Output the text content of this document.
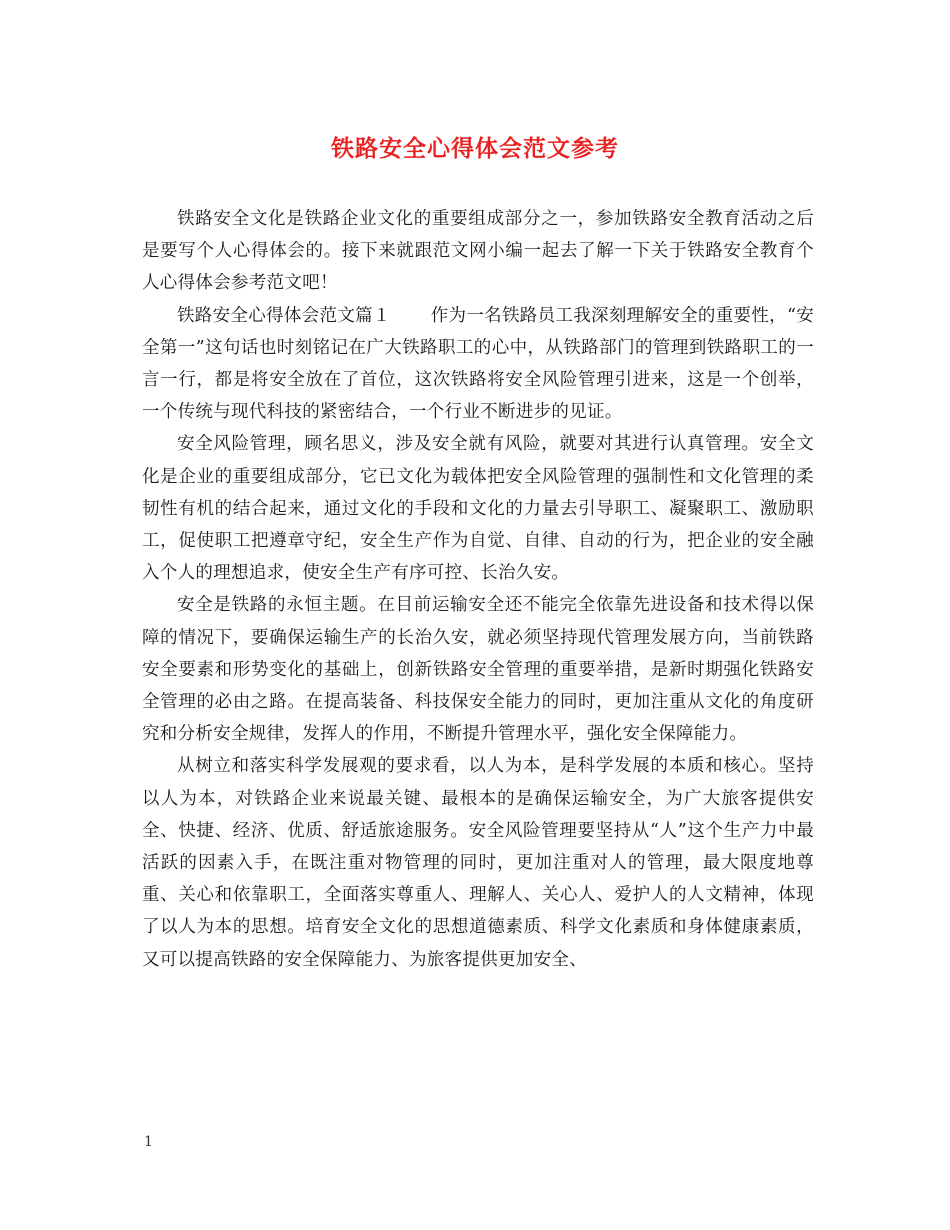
铁路安全心得体会范文参考

铁路安全文化是铁路企业文化的重要组成部分之一，参加铁路安全教育活动之后是要写个人心得体会的。接下来就跟范文网小编一起去了解一下关于铁路安全教育个人心得体会参考范文吧！

铁路安全心得体会范文篇１ 作为一名铁路员工我深刻理解安全的重要性，“安全第一”这句话也时刻铭记在广大铁路职工的心中，从铁路部门的管理到铁路职工的一言一行，都是将安全放在了首位，这次铁路将安全风险管理引进来，这是一个创举，一个传统与现代科技的紧密结合，一个行业不断进步的见证。

安全风险管理，顾名思义，涉及安全就有风险，就要对其进行认真管理。安全文化是企业的重要组成部分，它已文化为载体把安全风险管理的强制性和文化管理的柔韧性有机的结合起来，通过文化的手段和文化的力量去引导职工、凝聚职工、激励职工，促使职工把遵章守纪，安全生产作为自觉、自律、自动的行为，把企业的安全融入个人的理想追求，使安全生产有序可控、长治久安。

安全是铁路的永恒主题。在目前运输安全还不能完全依靠先进设备和技术得以保障的情况下，要确保运输生产的长治久安，就必须坚持现代管理发展方向，当前铁路安全要素和形势变化的基础上，创新铁路安全管理的重要举措，是新时期强化铁路安全管理的必由之路。在提高装备、科技保安全能力的同时，更加注重从文化的角度研究和分析安全规律，发挥人的作用，不断提升管理水平，强化安全保障能力。

从树立和落实科学发展观的要求看，以人为本，是科学发展的本质和核心。坚持以人为本，对铁路企业来说最关键、最根本的是确保运输安全，为广大旅客提供安全、快捷、经济、优质、舒适旅途服务。安全风险管理要坚持从“人”这个生产力中最活跃的因素入手，在既注重对物管理的同时，更加注重对人的管理，最大限度地尊重、关心和依靠职工，全面落实尊重人、理解人、关心人、爱护人的人文精神，体现了以人为本的思想。培育安全文化的思想道德素质、科学文化素质和身体健康素质，又可以提高铁路的安全保障能力、为旅客提供更加安全、

1
